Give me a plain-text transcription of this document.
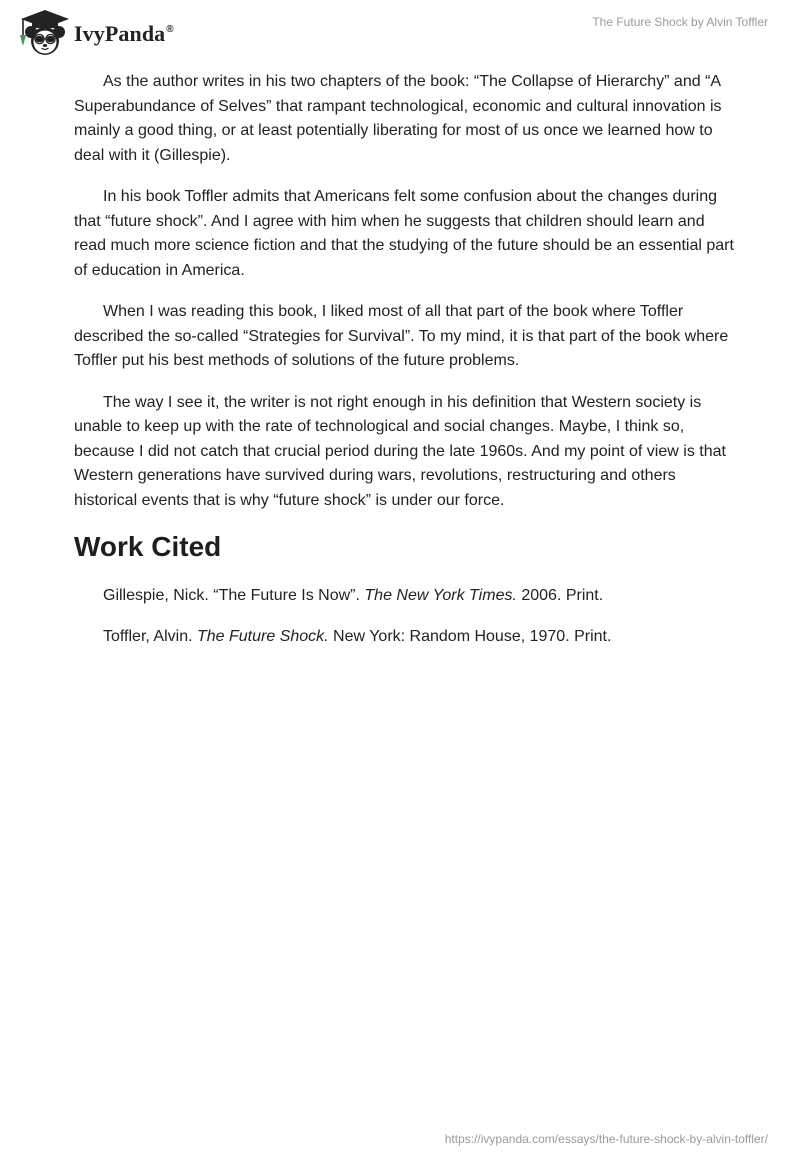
IvyPanda®
The Future Shock by Alvin Toffler

As the author writes in his two chapters of the book: “The Collapse of Hierarchy” and “A Superabundance of Selves” that rampant technological, economic and cultural innovation is mainly a good thing, or at least potentially liberating for most of us once we learned how to deal with it (Gillespie).

In his book Toffler admits that Americans felt some confusion about the changes during that “future shock”. And I agree with him when he suggests that children should learn and read much more science fiction and that the studying of the future should be an essential part of education in America.

When I was reading this book, I liked most of all that part of the book where Toffler described the so-called “Strategies for Survival”. To my mind, it is that part of the book where Toffler put his best methods of solutions of the future problems.

The way I see it, the writer is not right enough in his definition that Western society is unable to keep up with the rate of technological and social changes. Maybe, I think so, because I did not catch that crucial period during the late 1960s. And my point of view is that Western generations have survived during wars, revolutions, restructuring and others historical events that is why “future shock” is under our force.

Work Cited

Gillespie, Nick. “The Future Is Now”. The New York Times. 2006. Print.

Toffler, Alvin. The Future Shock. New York: Random House, 1970. Print.

https://ivypanda.com/essays/the-future-shock-by-alvin-toffler/
